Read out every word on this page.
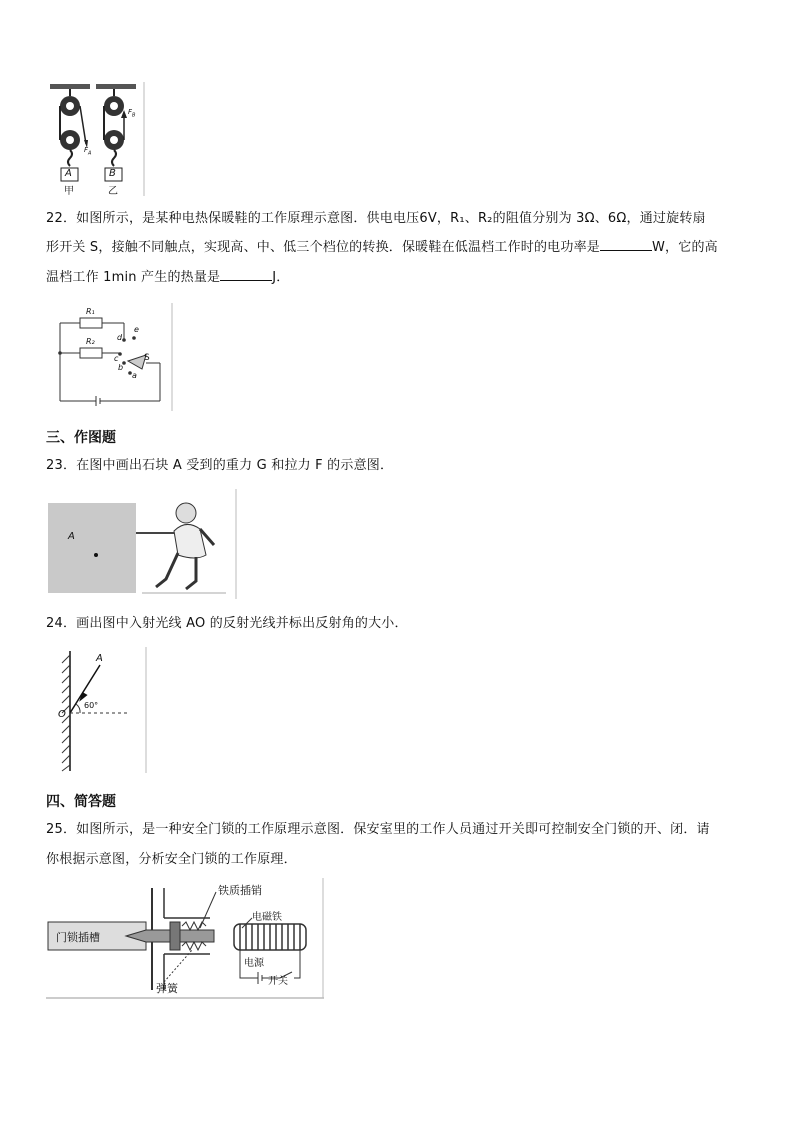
A	B
甲	乙
$F_A$
$F_B$
22．如图所示，是某种电热保暖鞋的工作原理示意图．供电电压6V，R₁、R₂的阻值分别为 3Ω、6Ω，通过旋转扇
形开关 S，接触不同触点，实现高、中、低三个档位的转换．保暖鞋在低温档工作时的电功率是	W，它的高
温档工作 1min 产生的热量是	J．
R₁
R₂	d
e
c
b
a
S
三、作图题
23．在图中画出石块 A 受到的重力 G 和拉力 F 的示意图．
A
24．画出图中入射光线 AO 的反射光线并标出反射角的大小．
A
O
60°
四、简答题
25．如图所示，是一种安全门锁的工作原理示意图．保安室里的工作人员通过开关即可控制安全门锁的开、闭．请
你根据示意图，分析安全门锁的工作原理．
门锁插槽
铁质插销
电磁铁
电源
开关
弹簧
